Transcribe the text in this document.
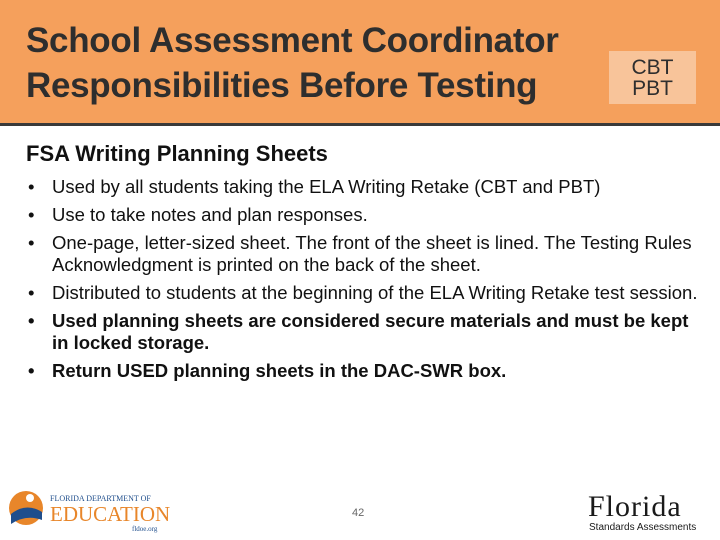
School Assessment Coordinator
Responsibilities Before Testing	CBT
PBT
FSA Writing Planning Sheets
• Used by all students taking the ELA Writing Retake (CBT and PBT)
• Use to take notes and plan responses.
• One-page, letter-sized sheet. The front of the sheet is lined. The Testing Rules Acknowledgment is printed on the back of the sheet.
• Distributed to students at the beginning of the ELA Writing Retake test session.
• Used planning sheets are considered secure materials and must be kept in locked storage.
• Return USED planning sheets in the DAC-SWR box.
FLORIDA DEPARTMENT OF
EDUCATION
fldoe.org
42	Florida
Standards Assessments
